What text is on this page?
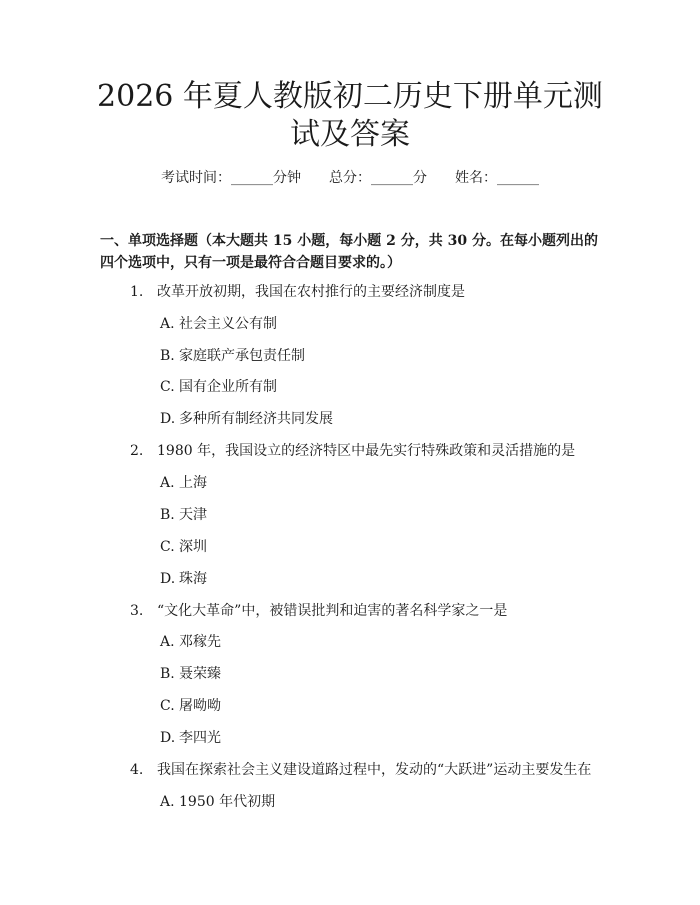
2026 年夏人教版初二历史下册单元测试及答案
考试时间：______分钟 总分：______分 姓名：______
一、单项选择题（本大题共 15 小题，每小题 2 分，共 30 分。在每小题列出的四个选项中，只有一项是最符合合题目要求的。）
1. 改革开放初期，我国在农村推行的主要经济制度是
A. 社会主义公有制
B. 家庭联产承包责任制
C. 国有企业所有制
D. 多种所有制经济共同发展
2. 1980 年，我国设立的经济特区中最先实行特殊政策和灵活措施的是
A. 上海
B. 天津
C. 深圳
D. 珠海
3. “文化大革命”中，被错误批判和迫害的著名科学家之一是
A. 邓稼先
B. 聂荣臻
C. 屠呦呦
D. 李四光
4. 我国在探索社会主义建设道路过程中，发动的“大跃进”运动主要发生在
A. 1950 年代初期
